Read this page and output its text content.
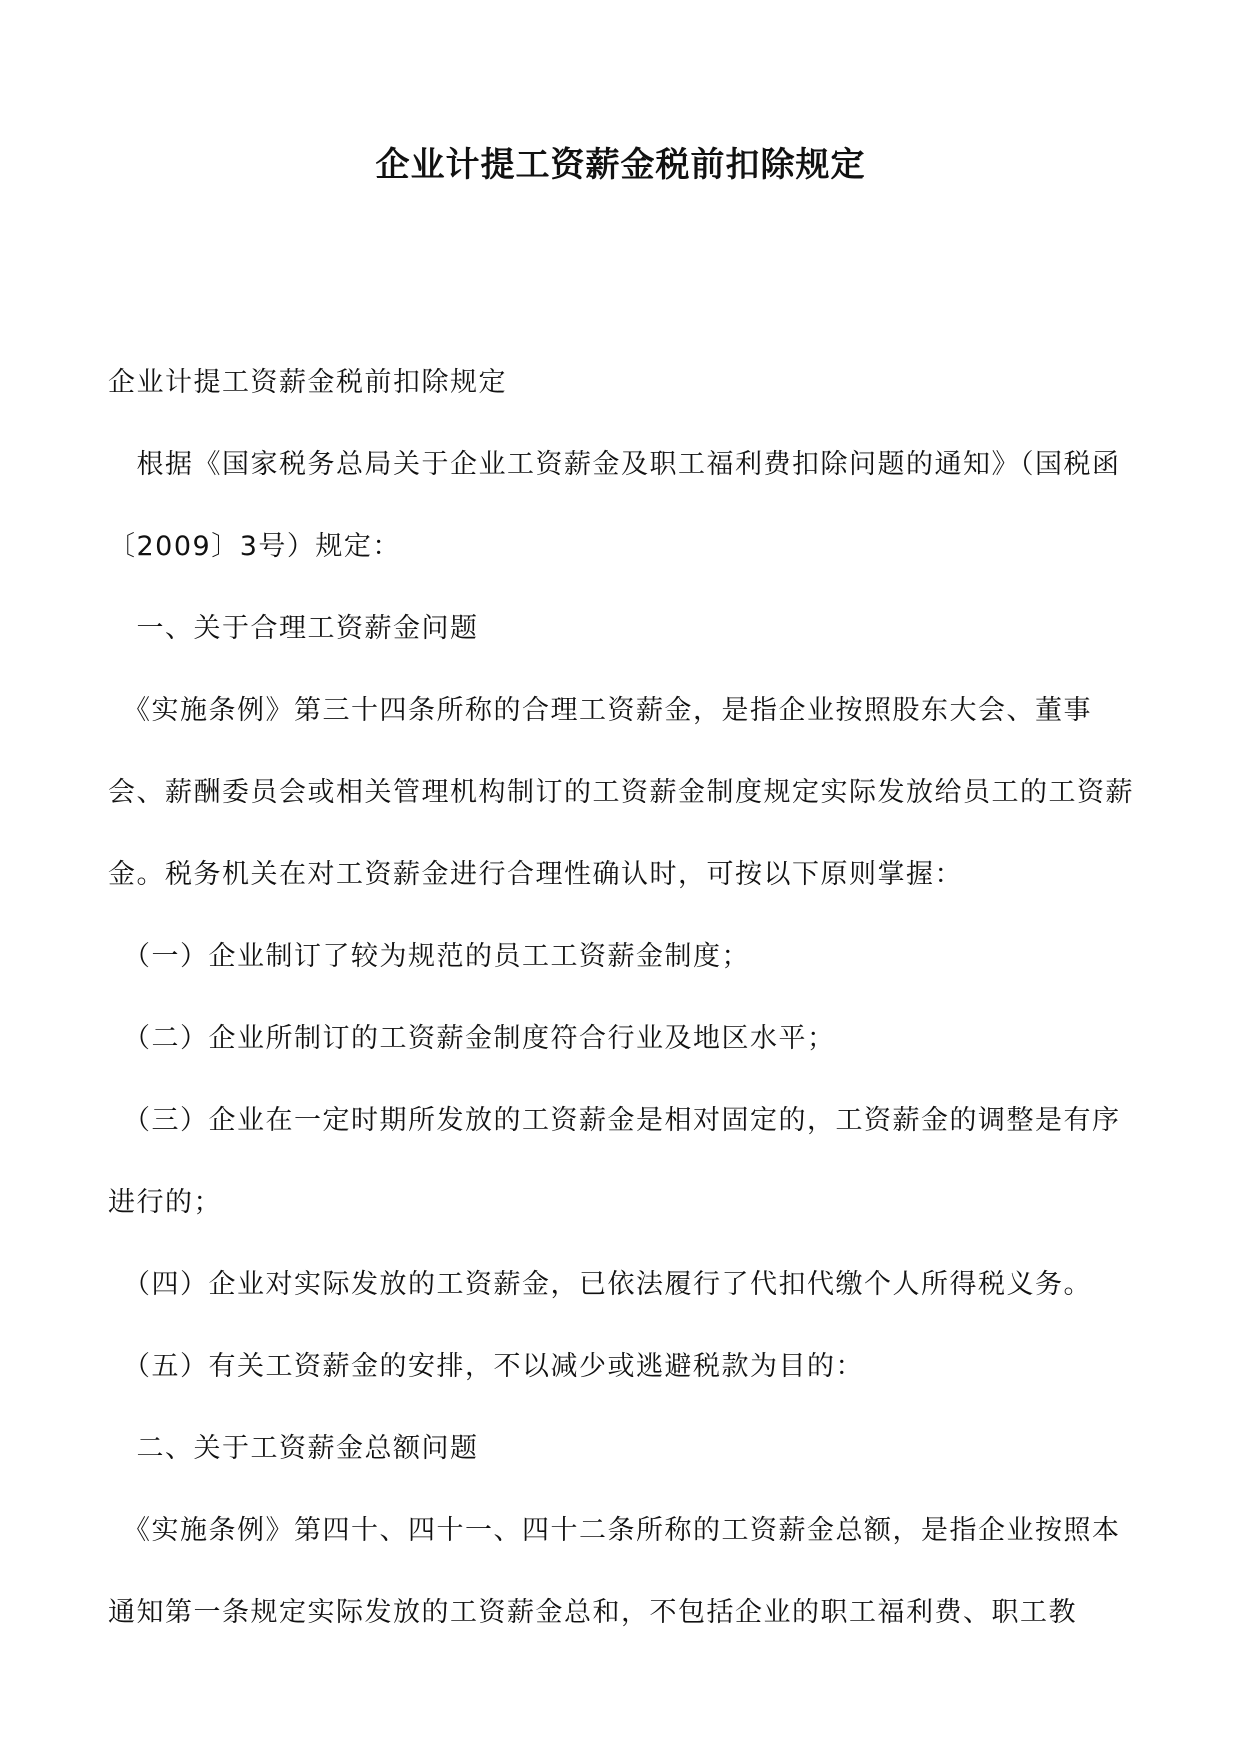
企业计提工资薪金税前扣除规定

企业计提工资薪金税前扣除规定

　根据《国家税务总局关于企业工资薪金及职工福利费扣除问题的通知》（国税函〔2009〕3号）规定：

　一、关于合理工资薪金问题

　《实施条例》第三十四条所称的合理工资薪金，是指企业按照股东大会、董事会、薪酬委员会或相关管理机构制订的工资薪金制度规定实际发放给员工的工资薪金。税务机关在对工资薪金进行合理性确认时，可按以下原则掌握：

　（一）企业制订了较为规范的员工工资薪金制度；

　（二）企业所制订的工资薪金制度符合行业及地区水平；

　（三）企业在一定时期所发放的工资薪金是相对固定的，工资薪金的调整是有序进行的；

　（四）企业对实际发放的工资薪金，已依法履行了代扣代缴个人所得税义务。

　（五）有关工资薪金的安排，不以减少或逃避税款为目的：

　二、关于工资薪金总额问题

　《实施条例》第四十、四十一、四十二条所称的工资薪金总额，是指企业按照本通知第一条规定实际发放的工资薪金总和，不包括企业的职工福利费、职工教
